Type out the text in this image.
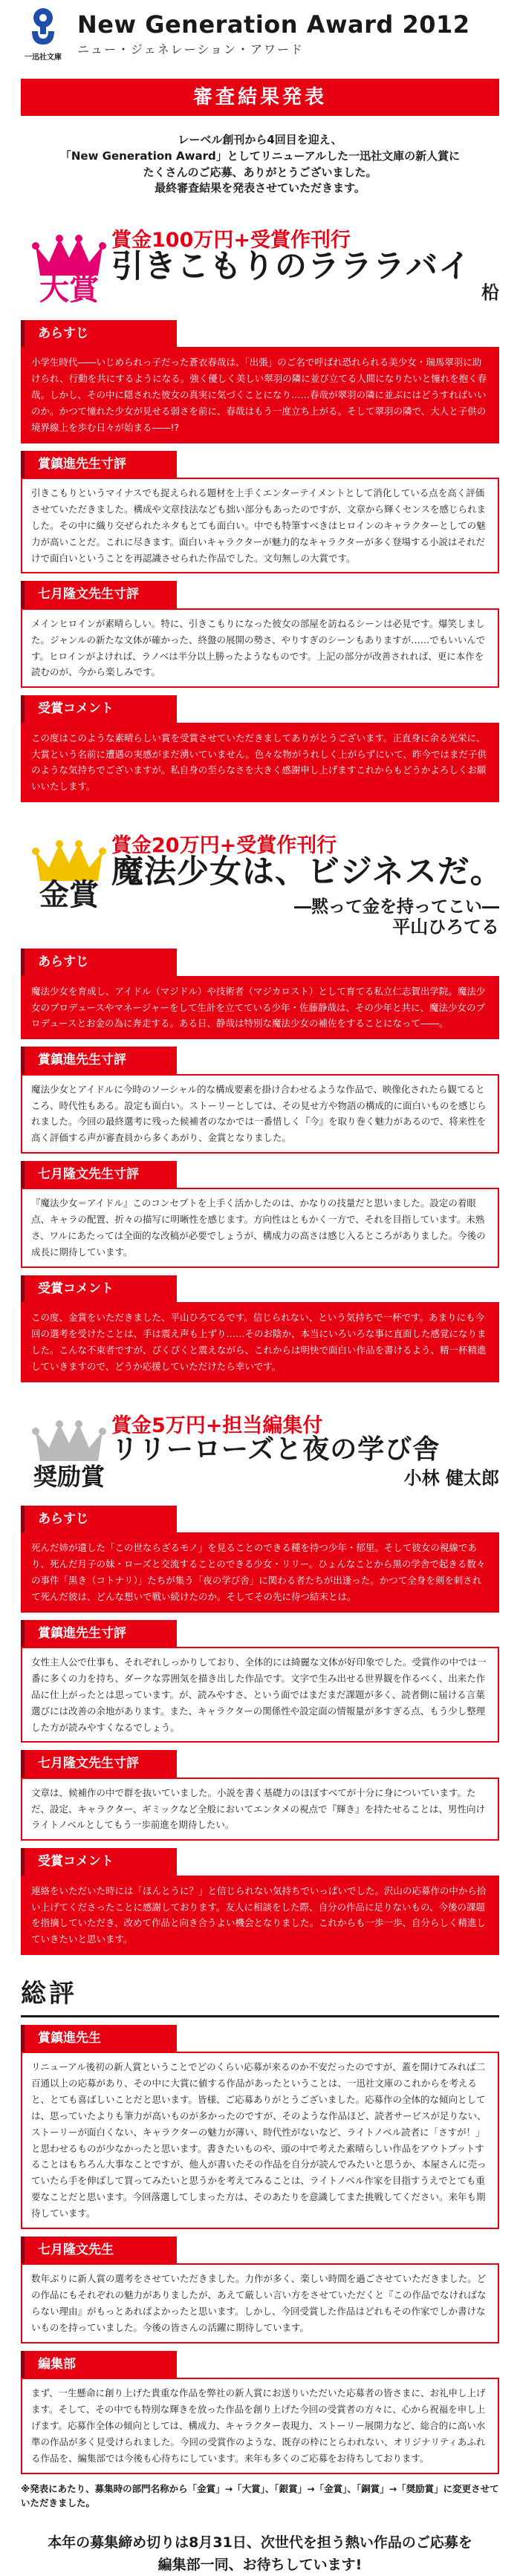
一迅社文庫
New Generation Award 2012
ニュー・ジェネレーション・アワード
審査結果発表
レーベル創刊から4回目を迎え、
「New Generation Award」としてリニューアルした一迅社文庫の新人賞に
たくさんのご応募、ありがとうございました。
最終審査結果を発表させていただきます。
大賞
賞金100万円+受賞作刊行
引きこもりのラララバイ
柗
あらすじ
小学生時代――いじめられっ子だった蒼衣春哉は、「出張」のご名で呼ばれ恐れられる美少女・瑞馬翠羽に助けられ、行動を共にするようになる。強く優しく美しい翠羽の隣に並び立てる人間になりたいと憧れを抱く春哉。しかし、その中に隠された彼女の真実に気づくことになり……春哉が翠羽の隣に並ぶにはどうすればいいのか。かつて憧れた少女が見せる弱さを前に、春哉はもう一度立ち上がる。そして翠羽の隣で、大人と子供の境界線上を歩む日々が始まる――!?
賞鎮進先生寸評
引きこもりというマイナスでも捉えられる題材を上手くエンターテイメントとして消化している点を高く評価させていただきました。構成や文章技法なども拙い部分もあったのですが、文章から輝くセンスを感じられました。その中に織り交ぜられたネタもとても面白い。中でも特筆すべきはヒロインのキャラクターとしての魅力が高いことだ。これに尽きます。面白いキャラクターが魅力的なキャラクターが多く登場する小説はそれだけで面白いということを再認識させられた作品でした。文句無しの大賞です。
七月隆文先生寸評
メインヒロインが素晴らしい。特に、引きこもりになった彼女の部屋を訪ねるシーンは必見です。爆笑しました。ジャンルの新たな文体が確かった、終盤の展開の勢さ、やりすぎのシーンもありますが……でもいいんです。ヒロインがよければ、ラノベは半分以上勝ったようなものです。上記の部分が改善されれば、更に本作を読むのが、今から楽しみです。
受賞コメント
この度はこのような素晴らしい賞を受賞させていただきましてありがとうございます。正直身に余る光栄に、大賞という名前に遭遇の実感がまだ湧いていません。色々な物がうれしく上がらずにいて、昨今ではまだ子供のような気持ちでございますが。私自身の至らなさを大きく感謝申し上げますこれからもどうかよろしくお願いいたします。
金賞
賞金20万円+受賞作刊行
魔法少女は、ビジネスだ。
―黙って金を持ってこい―
平山ひろてる
あらすじ
魔法少女を育成し、アイドル（マジドル）や技術者（マジカロスト）として育てる私立仁志賀出学院。魔法少女のプロデュースやマネージャーをして生計を立てている少年・佐藤静哉は、その少年と共に、魔法少女のプロデュースとお金の為に奔走する。ある日、静哉は特別な魔法少女の補佐をすることになって――。
賞鎮進先生寸評
魔法少女とアイドルに今時のソーシャル的な構成要素を掛け合わせるような作品で、映像化されたら観てるところ、時代性もある。設定も面白い。ストーリーとしては、その見せ方や物語の構成的に面白いものを感じられました。今回の最終選考に残った候補者のなかでは一番惜しく『今』を取り巻く魅力があるので、将来性を高く評価する声が審査員から多くあがり、金賞となりました。
七月隆文先生寸評
『魔法少女＝アイドル』このコンセプトを上手く活かしたのは、かなりの技量だと思いました。設定の着眼点、キャラの配置、折々の描写に明晰性を感じます。方向性はともかく一方で、それを目指しています。未熟さ、ワルにあたっては全面的な改稿が必要でしょうが、構成力の高さは感じ入るところがありました。今後の成長に期待しています。
受賞コメント
この度、金賞をいただきました、平山ひろてるです。信じられない、という気持ちで一杯です。あまりにも今回の選考を受けたことは、手は震え声も上ずり……そのお陰か、本当にいろいろな事に直面した感覚になりました。こんな不束者ですが、ぴくぴくと震えながら、これからは明快で面白い作品を書けるよう、精一杯精進していきますので、どうか応援していただけたら幸いです。
奨励賞
賞金5万円+担当編集付
リリーローズと夜の学び舎
小林 健太郎
あらすじ
死んだ姉が遺した「この世ならざるモノ」を見ることのできる種を持つ少年・郁里。そして彼女の視線であり、死んだ月子の妹・ローズと交流することのできる少女・リリー。ひょんなことから黒の学舎で起きる数々の事件「黒き（コトナリ）」たちが集う「夜の学び舎」に関わる者たちが出逢った。かつて全身を剣を刺されて死んだ彼は、どんな想いで戦い続けたのか。そしてその先に待つ結末とは。
賞鎮進先生寸評
女性主人公で仕事も、それぞれしっかりしており、全体的には綺麗な文体が好印象でした。受賞作の中では一番に多くの力を持ち、ダークな雰囲気を描き出した作品です。文字で生み出せる世界観を作るべく、出来た作品に仕上がったとは思っています。が、読みやすさ、という面ではまだまだ課題が多く、読者側に届ける言葉選びには改善の余地があります。また、キャラクターの関係性や設定面の情報量が多すぎる点、もう少し整理した方が読みやすくなるでしょう。
七月隆文先生寸評
文章は、候補作の中で群を抜いていました。小説を書く基礎力のほぼすべてが十分に身についています。ただ、設定、キャラクター、ギミックなど全般においてエンタメの視点で『輝き』を持たせることは、男性向けライトノベルとしてもう一歩前進を期待したい。
受賞コメント
連絡をいただいた時には「ほんとうに？」と信じられない気持ちでいっぱいでした。沢山の応募作の中から拾い上げてくださったことに感謝しております。友人に相談をした際、自分の作品に足りないもの、今後の課題を指摘していただき、改めて作品と向き合うよい機会となりました。これからも一歩一歩、自分らしく精進していきたいと思います。
総評
賞鎮進先生
リニューアル後初の新人賞ということでどのくらい応募が来るのか不安だったのですが、蓋を開けてみれば二百通以上の応募があり、その中に大賞に値する作品があったということは、一迅社文庫のこれからを考えると、とても喜ばしいことだと思います。皆様、ご応募ありがとうございました。応募作の全体的な傾向としては、思っていたよりも筆力が高いものが多かったのですが、そのような作品ほど、読者サービスが足りない、ストーリーが面白くない、キャラクターの魅力が薄い、時代性がないなど、ライトノベル読者に「さすが！」と思わせるものが少なかったと思います。書きたいものや、頭の中で考えた素晴らしい作品をアウトプットすることはもちろん大事なことですが、他人が書いたその作品を自分が読んでみたいと思うか、本屋さんに売っていたら手を伸ばして買ってみたいと思うかを考えてみることは、ライトノベル作家を目指すうえでとても重要なことだと思います。今回落選してしまった方は、そのあたりを意識してまた挑戦してください。来年も期待しています。
七月隆文先生
数年ぶりに新人賞の選考をさせていただきました。力作が多く、楽しい時間を過ごさせていただきました。どの作品にもそれぞれの魅力がありましたが、あえて厳しい言い方をさせていただくと『この作品でなければならない理由』がもっとあればよかったと思います。しかし、今回受賞した作品はどれもその作家でしか書けないものを持っていました。今後の皆さんの活躍に期待しています。
編集部
まず、一生懸命に創り上げた貴重な作品を弊社の新人賞にお送りいただいた応募者の皆さまに、お礼申し上げます。そして、その中でも特別な輝きを放った作品を創り上げた今回の受賞者の方々に、心から祝福を申し上げます。応募作全体の傾向としては、構成力、キャラクター表現力、ストーリー展開力など、総合的に高い水準の作品が多く見受けられました。今回の受賞作のような、既存の枠にとらわれない、オリジナリティあふれる作品を、編集部では今後も心待ちにしています。来年も多くのご応募をお待ちしております。
※発表にあたり、募集時の部門名称から「金賞」→「大賞」、「銀賞」→「金賞」、「銅賞」→「奨励賞」に変更させていただきました。
本年の募集締め切りは8月31日、次世代を担う熱い作品のご応募を
編集部一同、お待ちしています!
